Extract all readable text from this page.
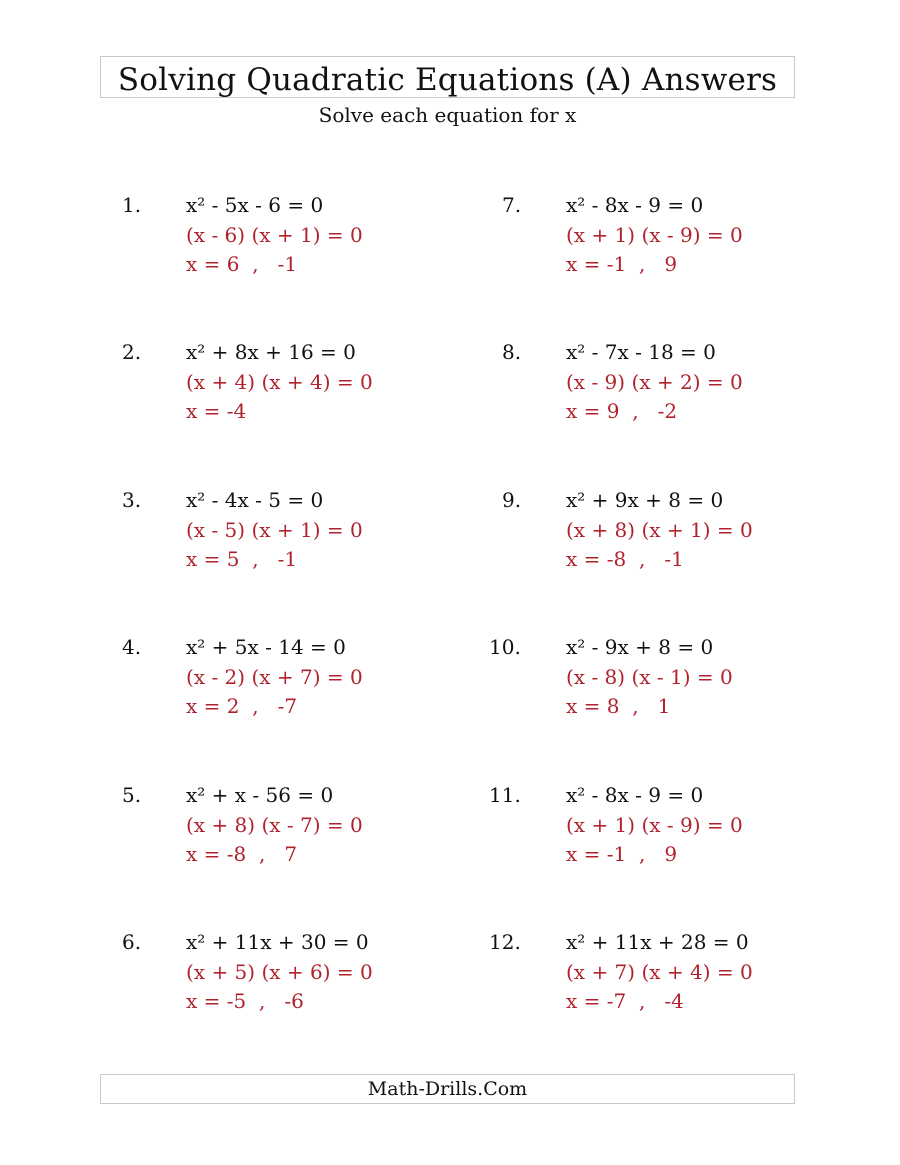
Solving Quadratic Equations (A) Answers
Solve each equation for x
1. x² - 5x - 6 = 0
(x - 6) (x + 1) = 0
x = 6  ,   -1
2. x² + 8x + 16 = 0
(x + 4) (x + 4) = 0
x = -4
3. x² - 4x - 5 = 0
(x - 5) (x + 1) = 0
x = 5  ,   -1
4. x² + 5x - 14 = 0
(x - 2) (x + 7) = 0
x = 2  ,   -7
5. x² + x - 56 = 0
(x + 8) (x - 7) = 0
x = -8  ,   7
6. x² + 11x + 30 = 0
(x + 5) (x + 6) = 0
x = -5  ,   -6
7. x² - 8x - 9 = 0
(x + 1) (x - 9) = 0
x = -1  ,   9
8. x² - 7x - 18 = 0
(x - 9) (x + 2) = 0
x = 9  ,   -2
9. x² + 9x + 8 = 0
(x + 8) (x + 1) = 0
x = -8  ,   -1
10. x² - 9x + 8 = 0
(x - 8) (x - 1) = 0
x = 8  ,   1
11. x² - 8x - 9 = 0
(x + 1) (x - 9) = 0
x = -1  ,   9
12. x² + 11x + 28 = 0
(x + 7) (x + 4) = 0
x = -7  ,   -4
Math-Drills.Com
